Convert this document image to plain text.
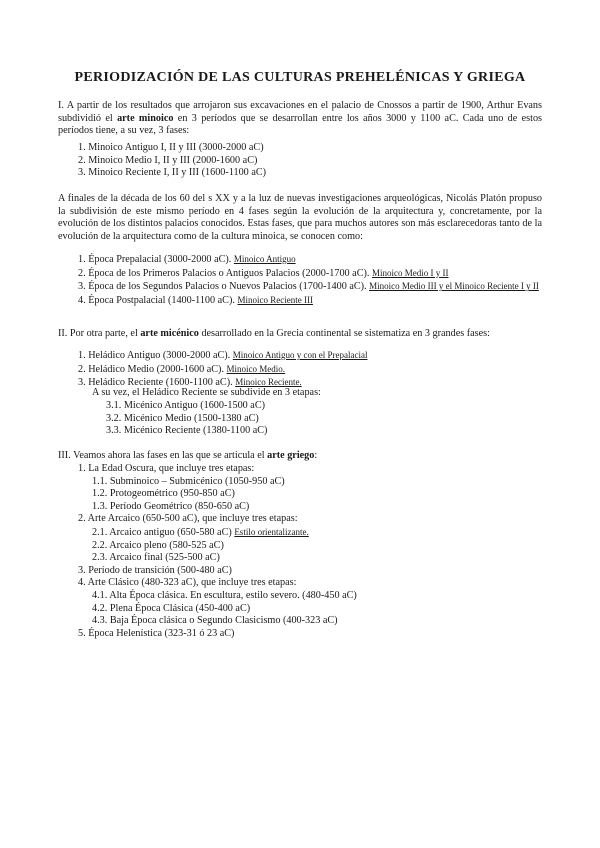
PERIODIZACIÓN DE LAS CULTURAS PREHELÉNICAS Y GRIEGA

I. A partir de los resultados que arrojaron sus excavaciones en el palacio de Cnossos a partir de 1900, Arthur Evans subdividió el arte minoico en 3 períodos que se desarrollan entre los años 3000 y 1100 aC. Cada uno de estos períodos tiene, a su vez, 3 fases:

1. Minoico Antiguo I, II y III (3000-2000 aC)
2. Minoico Medio I, II y III (2000-1600 aC)
3. Minoico Reciente I, II y III (1600-1100 aC)

A finales de la década de los 60 del s XX y a la luz de nuevas investigaciones arqueológicas, Nicolás Platón propuso la subdivisión de este mismo período en 4 fases según la evolución de la arquitectura y, concretamente, por la evolución de los distintos palacios conocidos. Estas fases, que para muchos autores son más esclarecedoras tanto de la evolución de la arquitectura como de la cultura minoica, se conocen como:

1. Época Prepalacial (3000-2000 aC). Minoico Antiguo
2. Época de los Primeros Palacios o Antiguos Palacios (2000-1700 aC). Minoico Medio I y II
3. Época de los Segundos Palacios o Nuevos Palacios (1700-1400 aC). Minoico Medio III y el Minoico Reciente I y II
4. Época Postpalacial (1400-1100 aC). Minoico Reciente III

II. Por otra parte, el arte micénico desarrollado en la Grecia continental se sistematiza en 3 grandes fases:

1. Heládico Antiguo (3000-2000 aC). Minoico Antiguo y con el Prepalacial
2. Heládico Medio (2000-1600 aC). Minoico Medio.
3. Heládico Reciente (1600-1100 aC). Minoico Reciente.

A su vez, el Heládico Reciente se subdivide en 3 etapas:

3.1. Micénico Antiguo (1600-1500 aC)
3.2. Micénico Medio (1500-1380 aC)
3.3. Micénico Reciente (1380-1100 aC)

III. Veamos ahora las fases en las que se articula el arte griego:

1. La Edad Oscura, que incluye tres etapas:
1.1. Subminoico – Submicénico (1050-950 aC)
1.2. Protogeométrico (950-850 aC)
1.3. Período Geométrico (850-650 aC)
2. Arte Arcaico (650-500 aC), que incluye tres etapas:
2.1. Arcaico antiguo (650-580 aC) Estilo orientalizante.
2.2. Arcaico pleno (580-525 aC)
2.3. Arcaico final (525-500 aC)
3. Período de transición (500-480 aC)
4. Arte Clásico (480-323 aC), que incluye tres etapas:
4.1. Alta Época clásica. En escultura, estilo severo. (480-450 aC)
4.2. Plena Época Clásica (450-400 aC)
4.3. Baja Época clásica o Segundo Clasicismo (400-323 aC)
5. Época Helenística (323-31 ó 23 aC)
